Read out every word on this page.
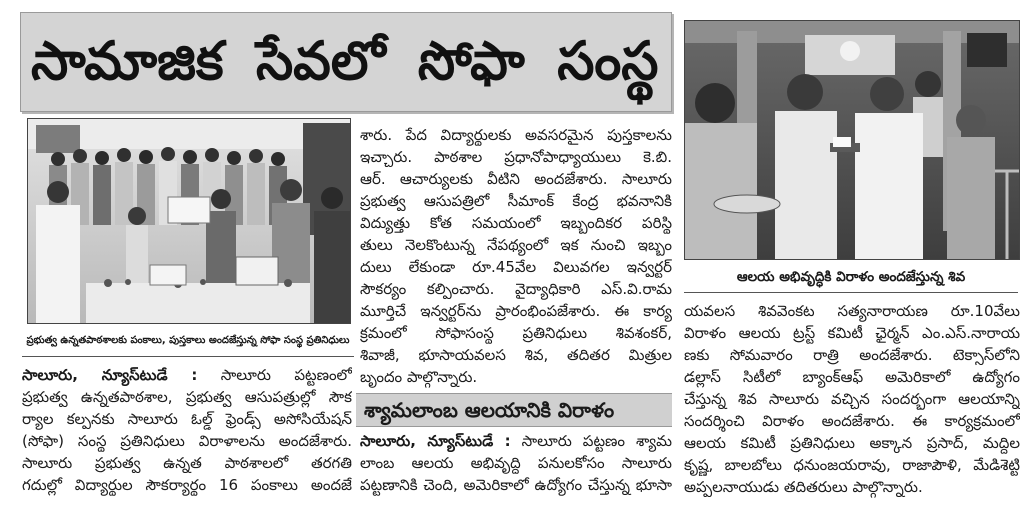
సామాజిక సేవలో సోఫా సంస్థ
ప్రభుత్వ ఉన్నతపాఠశాలకు పంకాలు, పుస్తకాలు అందజేస్తున్న సోఫా సంస్థ ప్రతినిధులు
సాలూరు, న్యూస్‌టుడే : సాలూరు పట్టణంలో
ప్రభుత్వ ఉన్నతపాఠశాల, ప్రభుత్వ ఆసుపత్రుల్లో సౌక
ర్యాల కల్పనకు సాలూరు ఓల్డ్ ఫ్రెండ్స్ అసోసియేషన్
(సోఫా) సంస్థ ప్రతినిధులు విరాళాలను అందజేశారు.
సాలూరు ప్రభుత్వ ఉన్నత పాఠశాలలో తరగతి
గదుల్లో విద్యార్థుల సౌకర్యార్థం 16 పంకాలు అందజే
శారు. పేద విద్యార్థులకు అవసరమైన పుస్తకాలను
ఇచ్చారు. పాఠశాల ప్రధానోపాధ్యాయులు కె.బి.
ఆర్. ఆచార్యులకు వీటిని అందజేశారు. సాలూరు
ప్రభుత్వ ఆసుపత్రిలో సీమాంక్ కేంద్ర భవనానికి
విద్యుత్తు కోత సమయంలో ఇబ్బందికర పరిస్థి
తులు నెలకొంటున్న నేపథ్యంలో ఇక నుంచి ఇబ్బం
దులు లేకుండా రూ.45వేల విలువగల ఇన్వర్టర్
సౌకర్యం కల్పించారు. వైద్యాధికారి ఎస్.వి.రామ
మూర్తిచే ఇన్వర్టర్‌ను ప్రారంభింపజేశారు. ఈ కార్య
క్రమంలో సోఫాసంస్థ ప్రతినిధులు శివశంకర్,
శివాజీ, భూసాయవలస శివ, తదితర మిత్రుల
బృందం పాల్గొన్నారు.
శ్యామలాంబ ఆలయానికి విరాళం
సాలూరు, న్యూస్‌టుడే : సాలూరు పట్టణం శ్యామ
లాంబ ఆలయ అభివృద్ధి పనులకోసం సాలూరు
పట్టణానికి చెంది, అమెరికాలో ఉద్యోగం చేస్తున్న భూసా
ఆలయ అభివృద్ధికి విరాళం అందజేస్తున్న శివ
యవలస శివవెంకట సత్యనారాయణ రూ.10వేలు
విరాళం ఆలయ ట్రస్ట్ కమిటీ ఛైర్మన్ ఎం.ఎస్.నారాయ
ణకు సోమవారం రాత్రి అందజేశారు. టెక్సాస్‌లోని
డల్లాస్ సిటీలో బ్యాంక్‌ఆఫ్ అమెరికాలో ఉద్యోగం
చేస్తున్న శివ సాలూరు వచ్చిన సందర్భంగా ఆలయాన్ని
సందర్శించి విరాళం అందజేశారు. ఈ కార్యక్రమంలో
ఆలయ కమిటీ ప్రతినిధులు అక్కాన ప్రసాద్, మద్దిల
కృష్ణ, బాలబోలు ధనుంజయరావు, రాజాపౌళి, మేడిశెట్టి
అప్పలనాయుడు తదితరులు పాల్గొన్నారు.
